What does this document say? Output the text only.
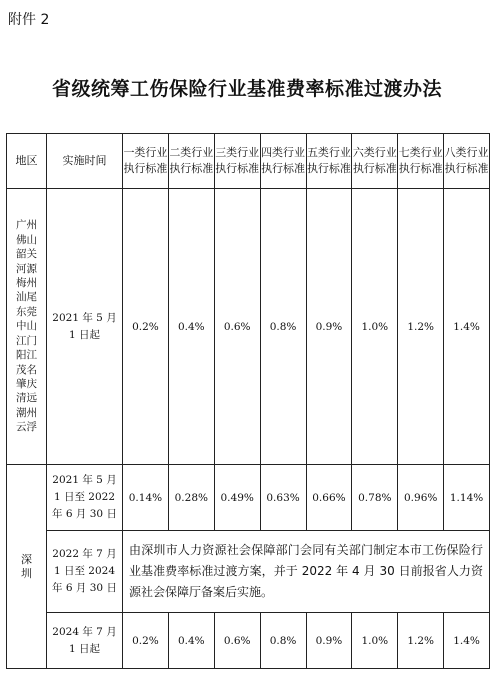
附件 2
省级统筹工伤保险行业基准费率标准过渡办法
地区	实施时间	一类行业执行标准	二类行业执行标准	三类行业执行标准	四类行业执行标准	五类行业执行标准	六类行业执行标准	七类行业执行标准	八类行业执行标准

广州佛山韶关河源梅州汕尾东莞中山江门阳江茂名肇庆清远潮州云浮	2021 年 5 月 1 日起	0.2%	0.4%	0.6%	0.8%	0.9%	1.0%	1.2%	1.4%

深圳	2021 年 5 月 1 日至 2022 年 6 月 30 日	0.14%	0.28%	0.49%	0.63%	0.66%	0.78%	0.96%	1.14%
	2022 年 7 月 1 日至 2024 年 6 月 30 日	由深圳市人力资源社会保障部门会同有关部门制定本市工伤保险行业基准费率标准过渡方案，并于 2022 年 4 月 30 日前报省人力资源社会保障厅备案后实施。							
	2024 年 7 月 1 日起	0.2%	0.4%	0.6%	0.8%	0.9%	1.0%	1.2%	1.4%
